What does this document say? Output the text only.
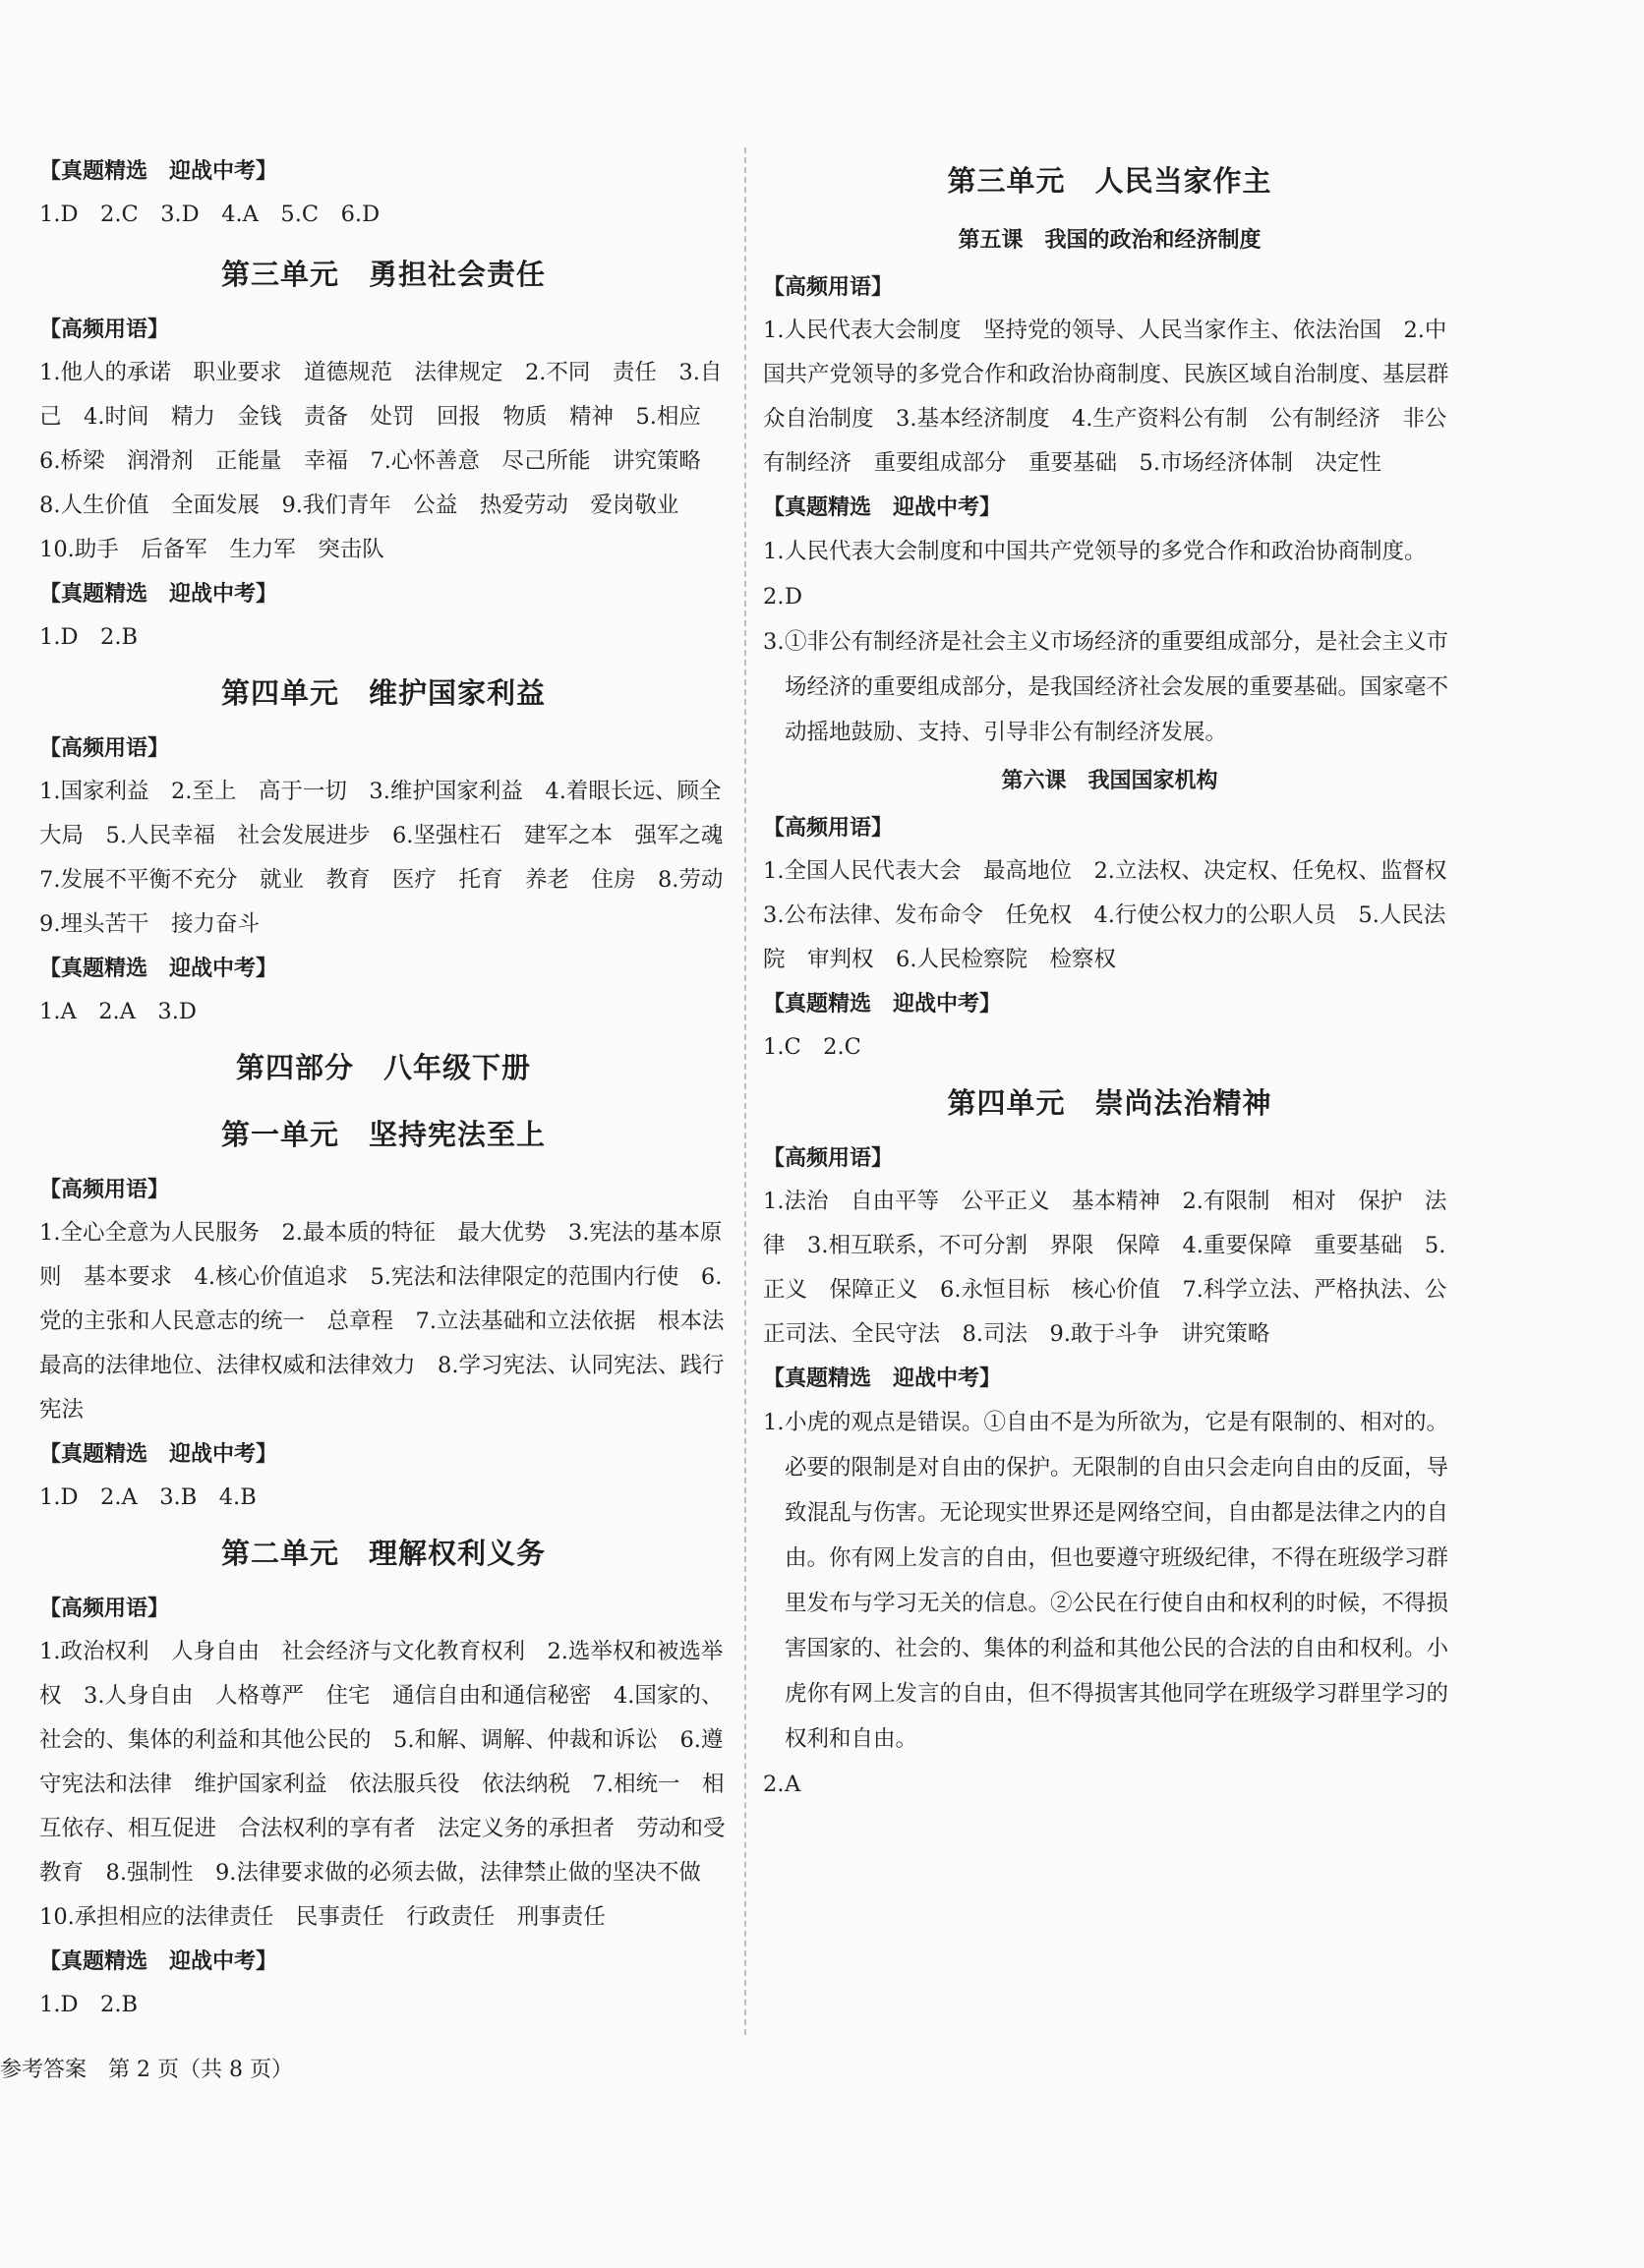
【真题精选　迎战中考】
1.D　2.C　3.D　4.A　5.C　6.D
第三单元　勇担社会责任
【高频用语】
1.他人的承诺　职业要求　道德规范　法律规定　2.不同　责任　3.自己　4.时间　精力　金钱　责备　处罚　回报　物质　精神　5.相应　6.桥梁　润滑剂　正能量　幸福　7.心怀善意　尽己所能　讲究策略　8.人生价值　全面发展　9.我们青年　公益　热爱劳动　爱岗敬业　10.助手　后备军　生力军　突击队
【真题精选　迎战中考】
1.D　2.B
第四单元　维护国家利益
【高频用语】
1.国家利益　2.至上　高于一切　3.维护国家利益　4.着眼长远、顾全大局　5.人民幸福　社会发展进步　6.坚强柱石　建军之本　强军之魂　7.发展不平衡不充分　就业　教育　医疗　托育　养老　住房　8.劳动　9.埋头苦干　接力奋斗
【真题精选　迎战中考】
1.A　2.A　3.D
第四部分　八年级下册
第一单元　坚持宪法至上
【高频用语】
1.全心全意为人民服务　2.最本质的特征　最大优势　3.宪法的基本原则　基本要求　4.核心价值追求　5.宪法和法律限定的范围内行使　6.党的主张和人民意志的统一　总章程　7.立法基础和立法依据　根本法　最高的法律地位、法律权威和法律效力　8.学习宪法、认同宪法、践行宪法
【真题精选　迎战中考】
1.D　2.A　3.B　4.B
第二单元　理解权利义务
【高频用语】
1.政治权利　人身自由　社会经济与文化教育权利　2.选举权和被选举权　3.人身自由　人格尊严　住宅　通信自由和通信秘密　4.国家的、社会的、集体的利益和其他公民的　5.和解、调解、仲裁和诉讼　6.遵守宪法和法律　维护国家利益　依法服兵役　依法纳税　7.相统一　相互依存、相互促进　合法权利的享有者　法定义务的承担者　劳动和受教育　8.强制性　9.法律要求做的必须去做，法律禁止做的坚决不做　10.承担相应的法律责任　民事责任　行政责任　刑事责任
【真题精选　迎战中考】
1.D　2.B
第三单元　人民当家作主
第五课　我国的政治和经济制度
【高频用语】
1.人民代表大会制度　坚持党的领导、人民当家作主、依法治国　2.中国共产党领导的多党合作和政治协商制度、民族区域自治制度、基层群众自治制度　3.基本经济制度　4.生产资料公有制　公有制经济　非公有制经济　重要组成部分　重要基础　5.市场经济体制　决定性
【真题精选　迎战中考】
1. 人民代表大会制度和中国共产党领导的多党合作和政治协商制度。
2. D
3. ①非公有制经济是社会主义市场经济的重要组成部分，是社会主义市场经济的重要组成部分，是我国经济社会发展的重要基础。国家毫不动摇地鼓励、支持、引导非公有制经济发展。
第六课　我国国家机构
【高频用语】
1.全国人民代表大会　最高地位　2.立法权、决定权、任免权、监督权　3.公布法律、发布命令　任免权　4.行使公权力的公职人员　5.人民法院　审判权　6.人民检察院　检察权
【真题精选　迎战中考】
1.C　2.C
第四单元　崇尚法治精神
【高频用语】
1.法治　自由平等　公平正义　基本精神　2.有限制　相对　保护　法律　3.相互联系，不可分割　界限　保障　4.重要保障　重要基础　5.正义　保障正义　6.永恒目标　核心价值　7.科学立法、严格执法、公正司法、全民守法　8.司法　9.敢于斗争　讲究策略
【真题精选　迎战中考】
1. 小虎的观点是错误。①自由不是为所欲为，它是有限制的、相对的。必要的限制是对自由的保护。无限制的自由只会走向自由的反面，导致混乱与伤害。无论现实世界还是网络空间，自由都是法律之内的自由。你有网上发言的自由，但也要遵守班级纪律，不得在班级学习群里发布与学习无关的信息。②公民在行使自由和权利的时候，不得损害国家的、社会的、集体的利益和其他公民的合法的自由和权利。小虎你有网上发言的自由，但不得损害其他同学在班级学习群里学习的权利和自由。
2. A
参考答案　第 2 页（共 8 页）
